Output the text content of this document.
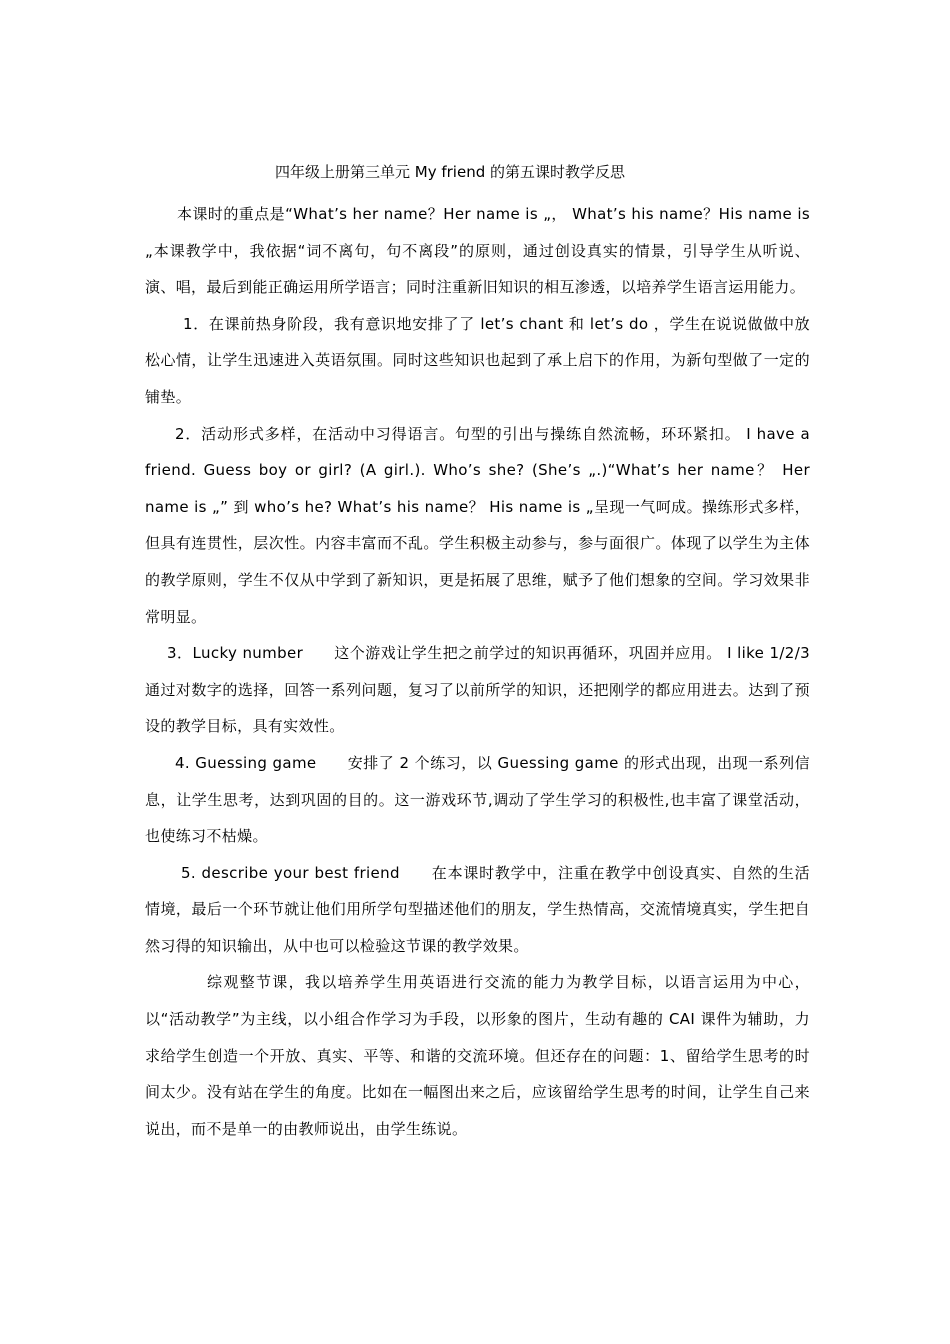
四年级上册第三单元 My friend 的第五课时教学反思

本课时的重点是“What’s her name？Her name is „， What’s his name？His name is „本课教学中，我依据“词不离句，句不离段”的原则，通过创设真实的情景，引导学生从听说、演、唱，最后到能正确运用所学语言；同时注重新旧知识的相互渗透，以培养学生语言运用能力。

1．在课前热身阶段，我有意识地安排了了 let’s chant 和 let’s do ，学生在说说做做中放松心情，让学生迅速进入英语氛围。同时这些知识也起到了承上启下的作用，为新句型做了一定的铺垫。

2．活动形式多样，在活动中习得语言。句型的引出与操练自然流畅，环环紧扣。 I have a friend. Guess boy or girl? (A girl.). Who’s she? (She’s „.)“What’s her name？ Her name is „” 到 who’s he? What’s his name？ His name is „呈现一气呵成。操练形式多样，但具有连贯性，层次性。内容丰富而不乱。学生积极主动参与，参与面很广。体现了以学生为主体的教学原则，学生不仅从中学到了新知识，更是拓展了思维，赋予了他们想象的空间。学习效果非常明显。

3．Lucky number　　这个游戏让学生把之前学过的知识再循环，巩固并应用。 I like 1/2/3 通过对数字的选择，回答一系列问题，复习了以前所学的知识，还把刚学的都应用进去。达到了预设的教学目标，具有实效性。

4. Guessing game　　安排了 2 个练习，以 Guessing game 的形式出现，出现一系列信息，让学生思考，达到巩固的目的。这一游戏环节,调动了学生学习的积极性,也丰富了课堂活动，也使练习不枯燥。

5. describe your best friend　　在本课时教学中，注重在教学中创设真实、自然的生活情境，最后一个环节就让他们用所学句型描述他们的朋友，学生热情高，交流情境真实，学生把自然习得的知识输出，从中也可以检验这节课的教学效果。

综观整节课，我以培养学生用英语进行交流的能力为教学目标，以语言运用为中心，以“活动教学”为主线，以小组合作学习为手段，以形象的图片，生动有趣的 CAI 课件为辅助，力求给学生创造一个开放、真实、平等、和谐的交流环境。但还存在的问题：1、留给学生思考的时间太少。没有站在学生的角度。比如在一幅图出来之后，应该留给学生思考的时间，让学生自己来说出，而不是单一的由教师说出，由学生练说。
